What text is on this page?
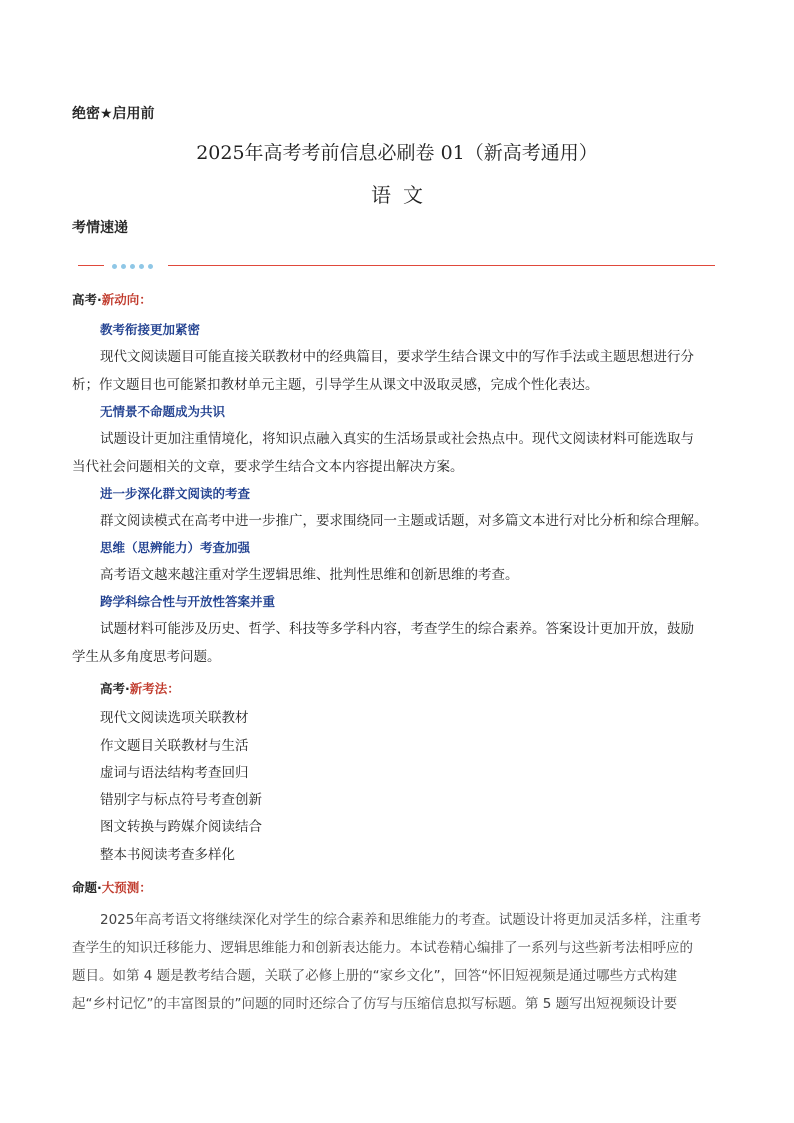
绝密★启用前
2025年高考考前信息必刷卷 01（新高考通用）
语文
考情速递
高考·新动向：
教考衔接更加紧密
现代文阅读题目可能直接关联教材中的经典篇目，要求学生结合课文中的写作手法或主题思想进行分
析；作文题目也可能紧扣教材单元主题，引导学生从课文中汲取灵感，完成个性化表达。
无情景不命题成为共识
试题设计更加注重情境化，将知识点融入真实的生活场景或社会热点中。现代文阅读材料可能选取与
当代社会问题相关的文章，要求学生结合文本内容提出解决方案。
进一步深化群文阅读的考查
群文阅读模式在高考中进一步推广，要求围绕同一主题或话题，对多篇文本进行对比分析和综合理解。
思维（思辨能力）考查加强
高考语文越来越注重对学生逻辑思维、批判性思维和创新思维的考查。
跨学科综合性与开放性答案并重
试题材料可能涉及历史、哲学、科技等多学科内容，考查学生的综合素养。答案设计更加开放，鼓励
学生从多角度思考问题。
高考·新考法：
现代文阅读选项关联教材
作文题目关联教材与生活
虚词与语法结构考查回归
错别字与标点符号考查创新
图文转换与跨媒介阅读结合
整本书阅读考查多样化
命题·大预测：
2025年高考语文将继续深化对学生的综合素养和思维能力的考查。试题设计将更加灵活多样，注重考
查学生的知识迁移能力、逻辑思维能力和创新表达能力。本试卷精心编排了一系列与这些新考法相呼应的
题目。如第 4 题是教考结合题，关联了必修上册的“家乡文化”，回答“怀旧短视频是通过哪些方式构建
起“乡村记忆”的丰富图景的”问题的同时还综合了仿写与压缩信息拟写标题。第 5 题写出短视频设计要
